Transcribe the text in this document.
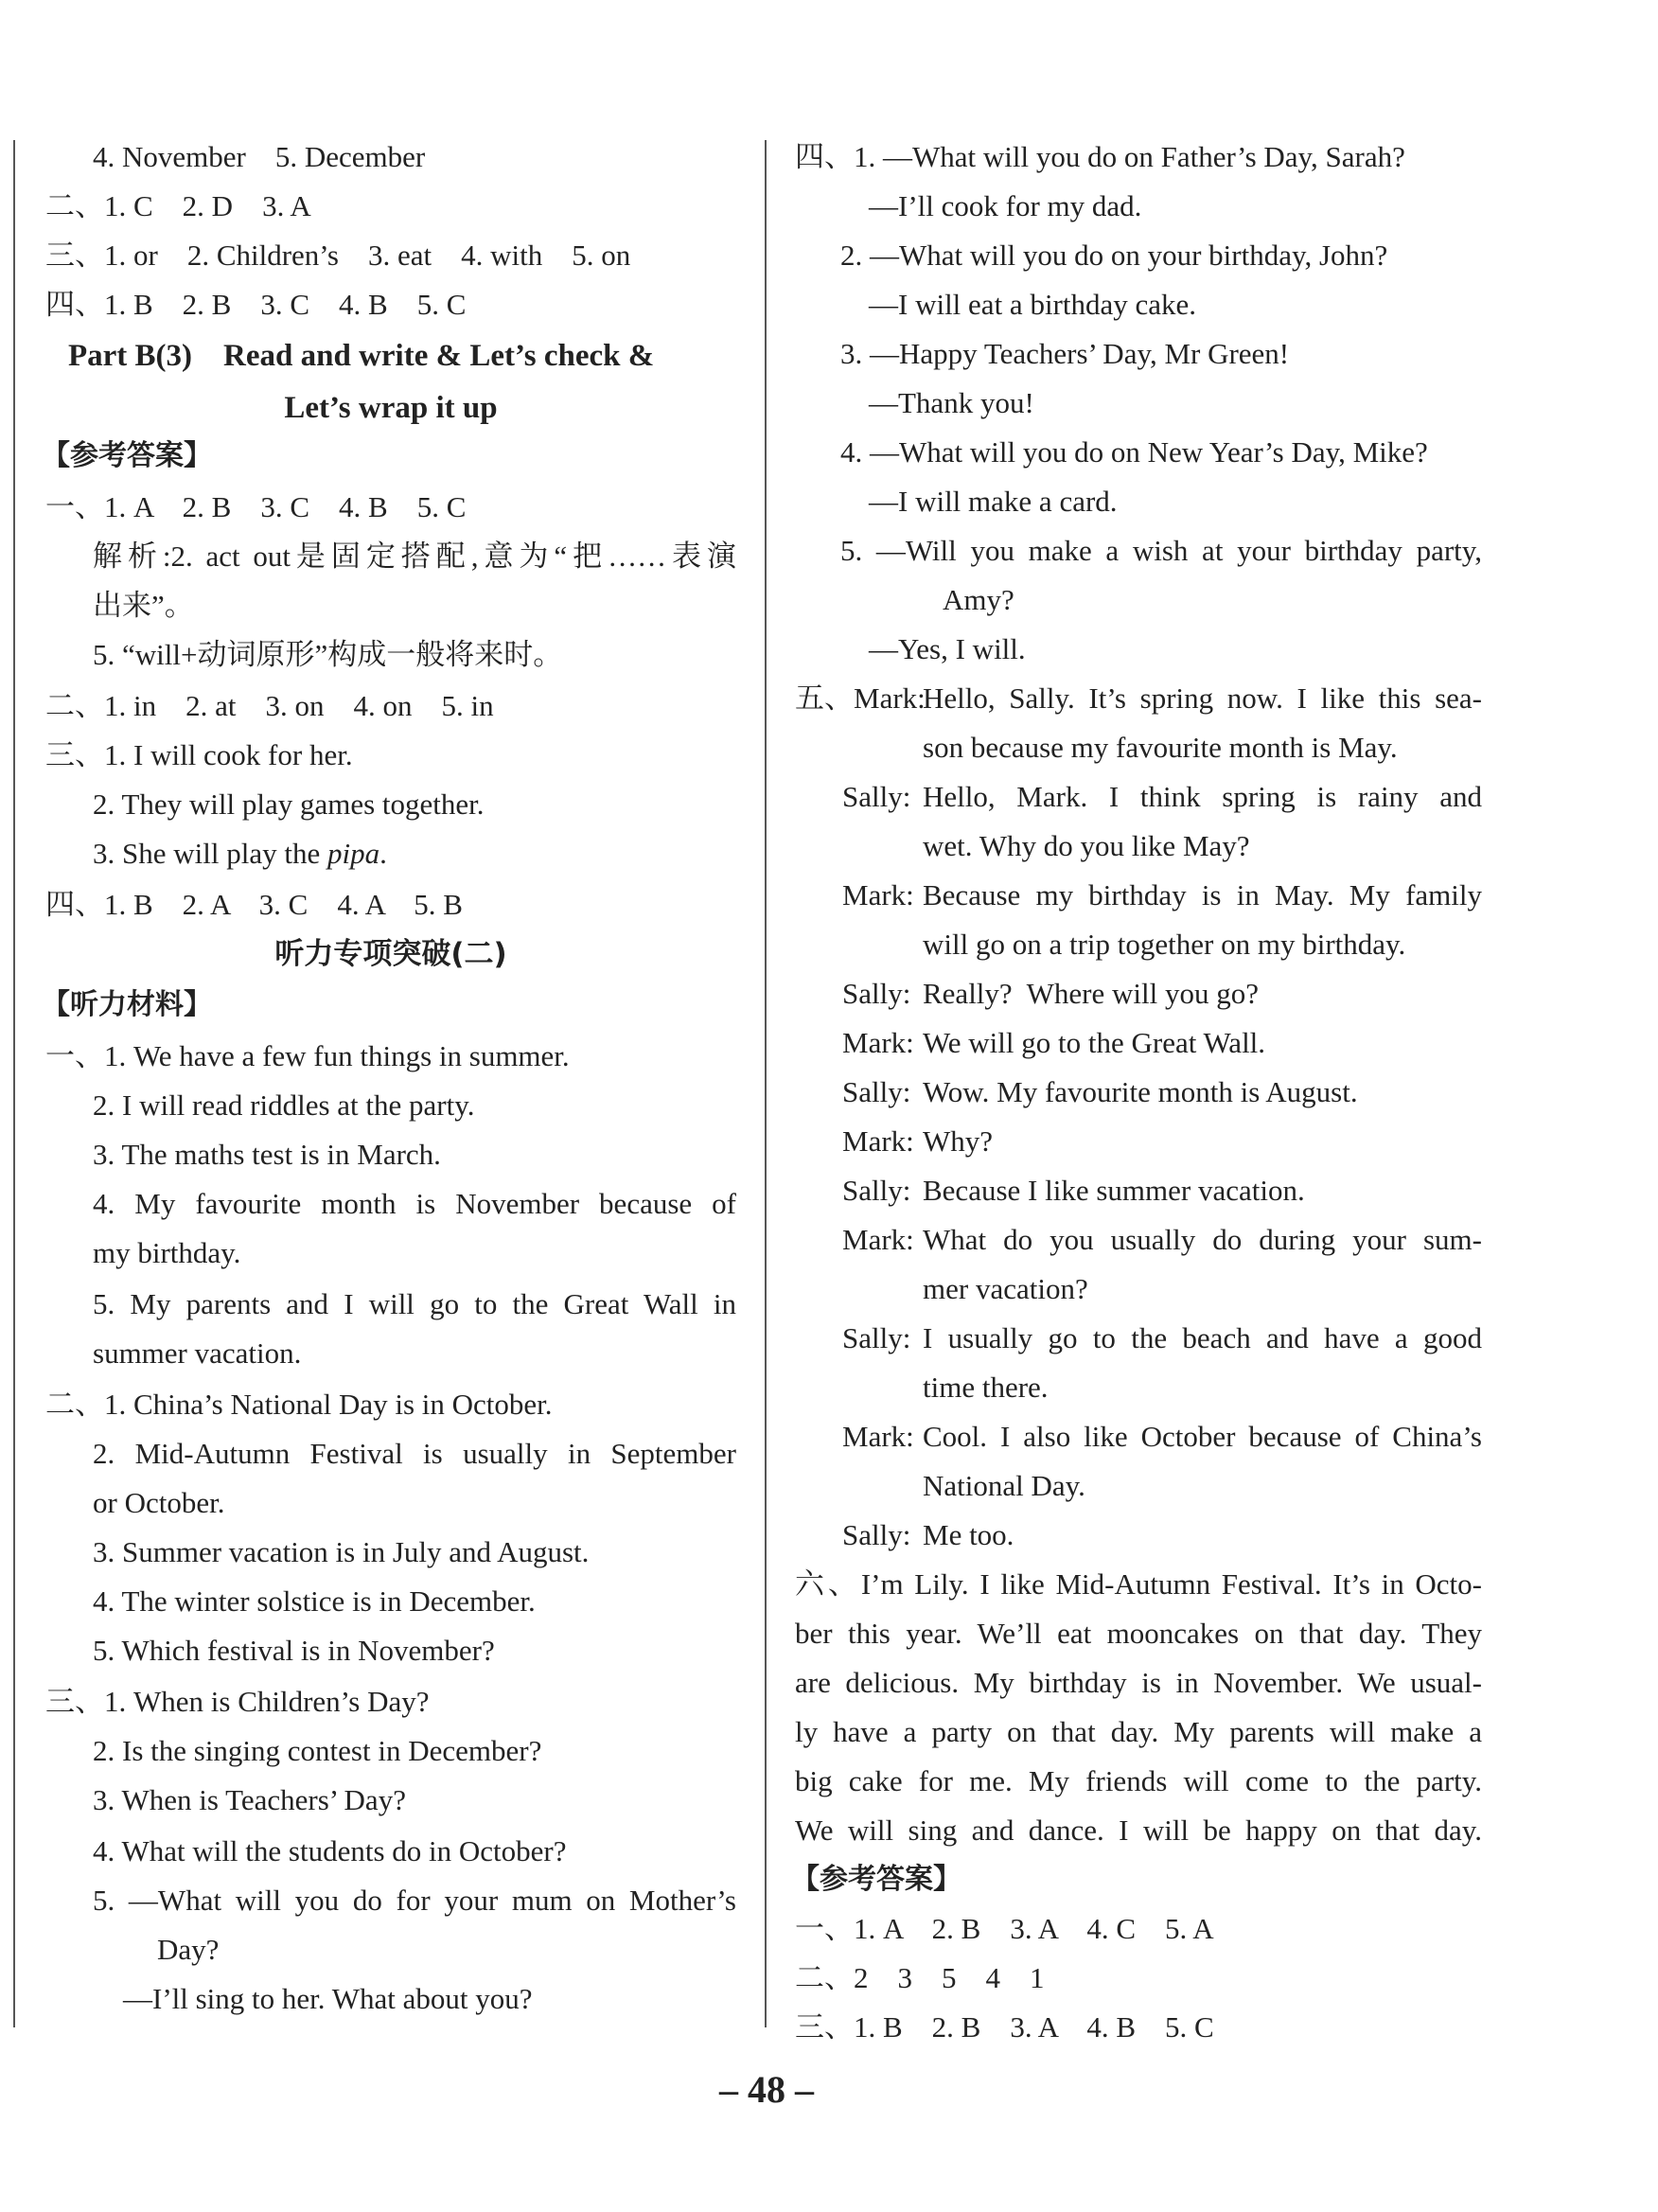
4. November    5. December
二、1. C    2. D    3. A
三、1. or    2. Children’s    3. eat    4. with    5. on
四、1. B    2. B    3. C    4. B    5. C
Part B(3)    Read and write & Let’s check &
Let’s wrap it up
【参考答案】
一、1. A    2. B    3. C    4. B    5. C
解析:2. act out是固定搭配,意为“把……表演
出来”。
5. “will+动词原形”构成一般将来时。
二、1. in    2. at    3. on    4. on    5. in
三、1. I will cook for her.
2. They will play games together.
3. She will play the pipa.
四、1. B    2. A    3. C    4. A    5. B
听力专项突破(二)
【听力材料】
一、1. We have a few fun things in summer.
2. I will read riddles at the party.
3. The maths test is in March.
4. My favourite month is November because of
my birthday.
5. My parents and I will go to the Great Wall in
summer vacation.
二、1. China’s National Day is in October.
2. Mid-Autumn Festival is usually in September
or October.
3. Summer vacation is in July and August.
4. The winter solstice is in December.
5. Which festival is in November?
三、1. When is Children’s Day?
2. Is the singing contest in December?
3. When is Teachers’ Day?
4. What will the students do in October?
5. —What will you do for your mum on Mother’s
Day?
—I’ll sing to her. What about you?
四、1. —What will you do on Father’s Day, Sarah?
—I’ll cook for my dad.
2. —What will you do on your birthday, John?
—I will eat a birthday cake.
3. —Happy Teachers’ Day, Mr Green!
—Thank you!
4. —What will you do on New Year’s Day, Mike?
—I will make a card.
5. —Will you make a wish at your birthday party,
Amy?
—Yes, I will.
五、Mark:
Hello, Sally. It’s spring now. I like this sea-
son because my favourite month is May.
Sally: Hello, Mark. I think spring is rainy and
wet. Why do you like May?
Mark: Because my birthday is in May. My family
will go on a trip together on my birthday.
Sally: Really?  Where will you go?
Mark: We will go to the Great Wall.
Sally: Wow. My favourite month is August.
Mark: Why?
Sally: Because I like summer vacation.
Mark: What do you usually do during your sum-
mer vacation?
Sally: I usually go to the beach and have a good
time there.
Mark: Cool. I also like October because of China’s
National Day.
Sally: Me too.
六、I’m Lily. I like Mid-Autumn Festival. It’s in Octo-
ber this year. We’ll eat mooncakes on that day. They
are delicious. My birthday is in November. We usual-
ly have a party on that day. My parents will make a
big cake for me. My friends will come to the party.
We will sing and dance. I will be happy on that day.
【参考答案】
一、1. A    2. B    3. A    4. C    5. A
二、2    3    5    4    1
三、1. B    2. B    3. A    4. B    5. C
– 48 –
